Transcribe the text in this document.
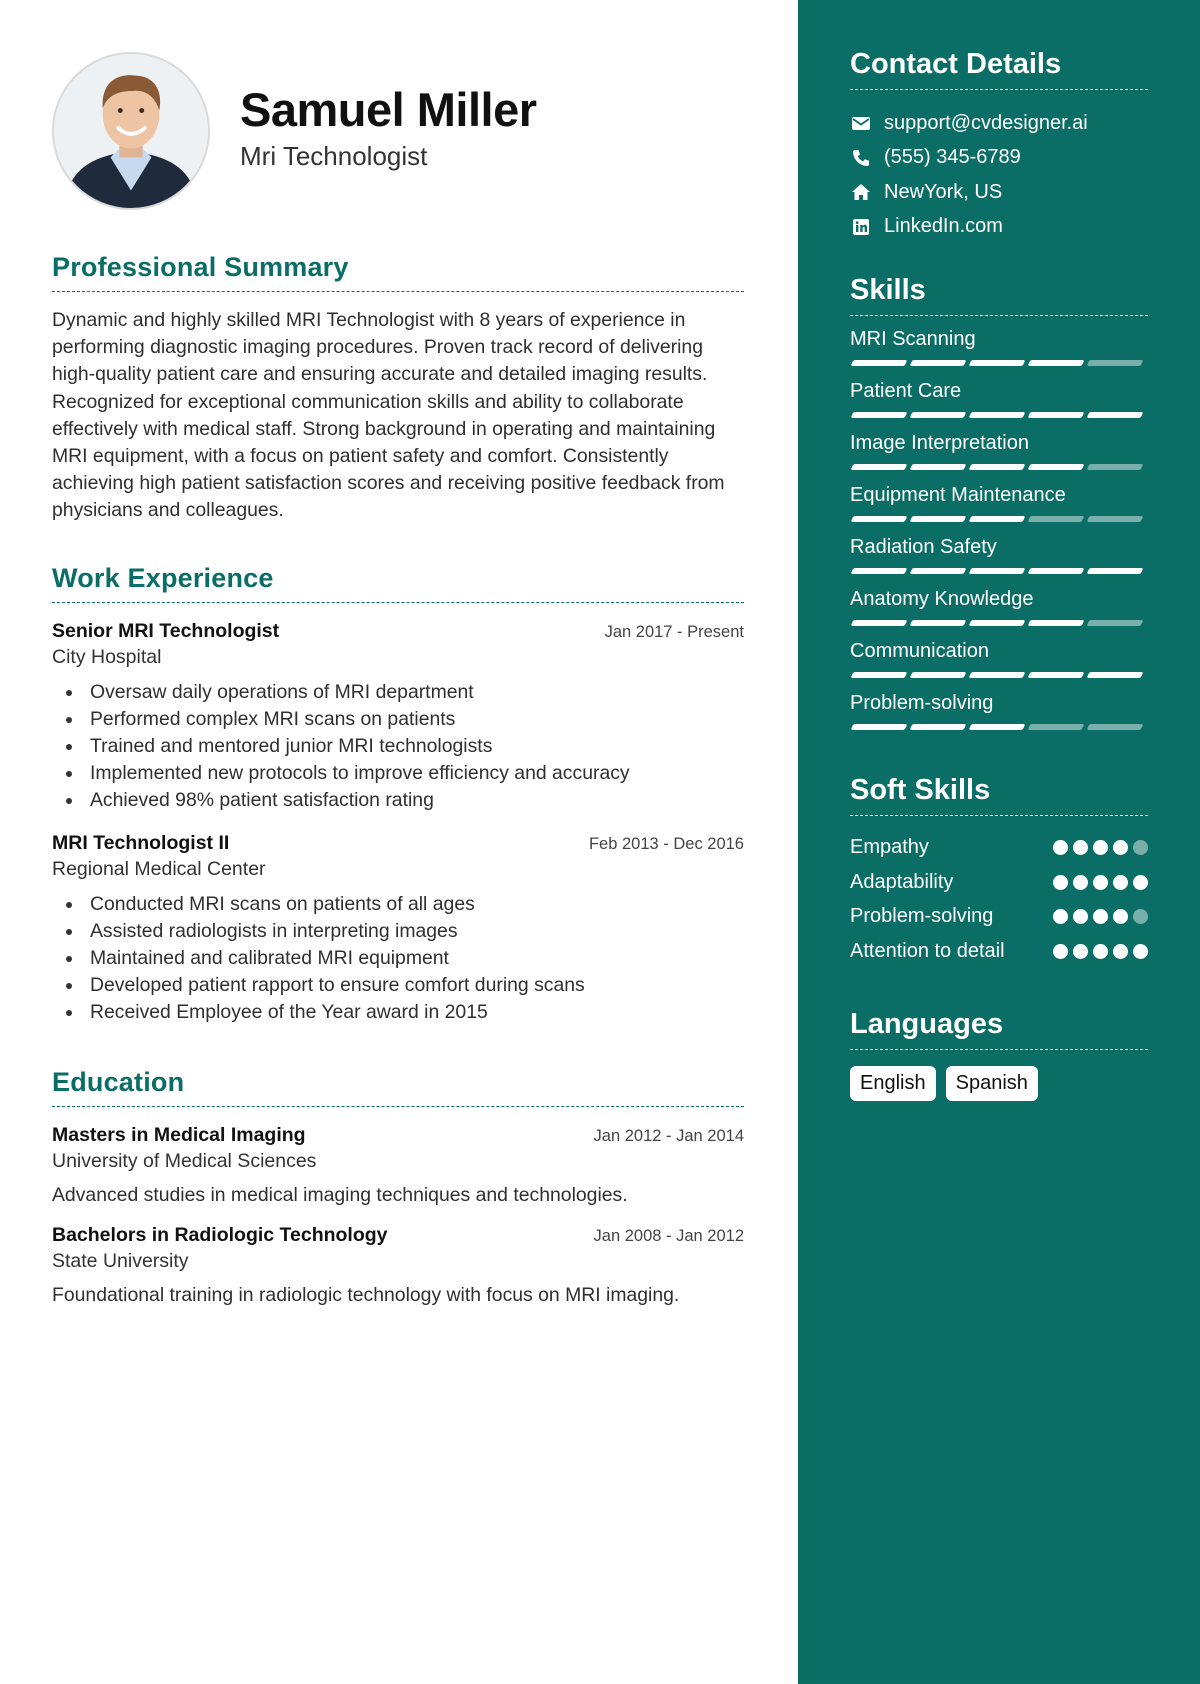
Samuel Miller
Mri Technologist
Professional Summary

Dynamic and highly skilled MRI Technologist with 8 years of experience in performing diagnostic imaging procedures. Proven track record of delivering high-quality patient care and ensuring accurate and detailed imaging results. Recognized for exceptional communication skills and ability to collaborate effectively with medical staff. Strong background in operating and maintaining MRI equipment, with a focus on patient safety and comfort. Consistently achieving high patient satisfaction scores and receiving positive feedback from physicians and colleagues.

Work Experience
Senior MRI Technologist	Jan 2017 - Present
City Hospital
Oversaw daily operations of MRI department
Performed complex MRI scans on patients
Trained and mentored junior MRI technologists
Implemented new protocols to improve efficiency and accuracy
Achieved 98% patient satisfaction rating
MRI Technologist II	Feb 2013 - Dec 2016
Regional Medical Center
Conducted MRI scans on patients of all ages
Assisted radiologists in interpreting images
Maintained and calibrated MRI equipment
Developed patient rapport to ensure comfort during scans
Received Employee of the Year award in 2015
Education
Masters in Medical Imaging	Jan 2012 - Jan 2014
University of Medical Sciences
Advanced studies in medical imaging techniques and technologies.
Bachelors in Radiologic Technology	Jan 2008 - Jan 2012
State University
Foundational training in radiologic technology with focus on MRI imaging.
Contact Details
support@cvdesigner.ai
(555) 345-6789
NewYork, US
LinkedIn.com
Skills
MRI Scanning
Patient Care
Image Interpretation
Equipment Maintenance
Radiation Safety
Anatomy Knowledge
Communication
Problem-solving
Soft Skills
Empathy
Adaptability
Problem-solving
Attention to detail
Languages
English	Spanish
